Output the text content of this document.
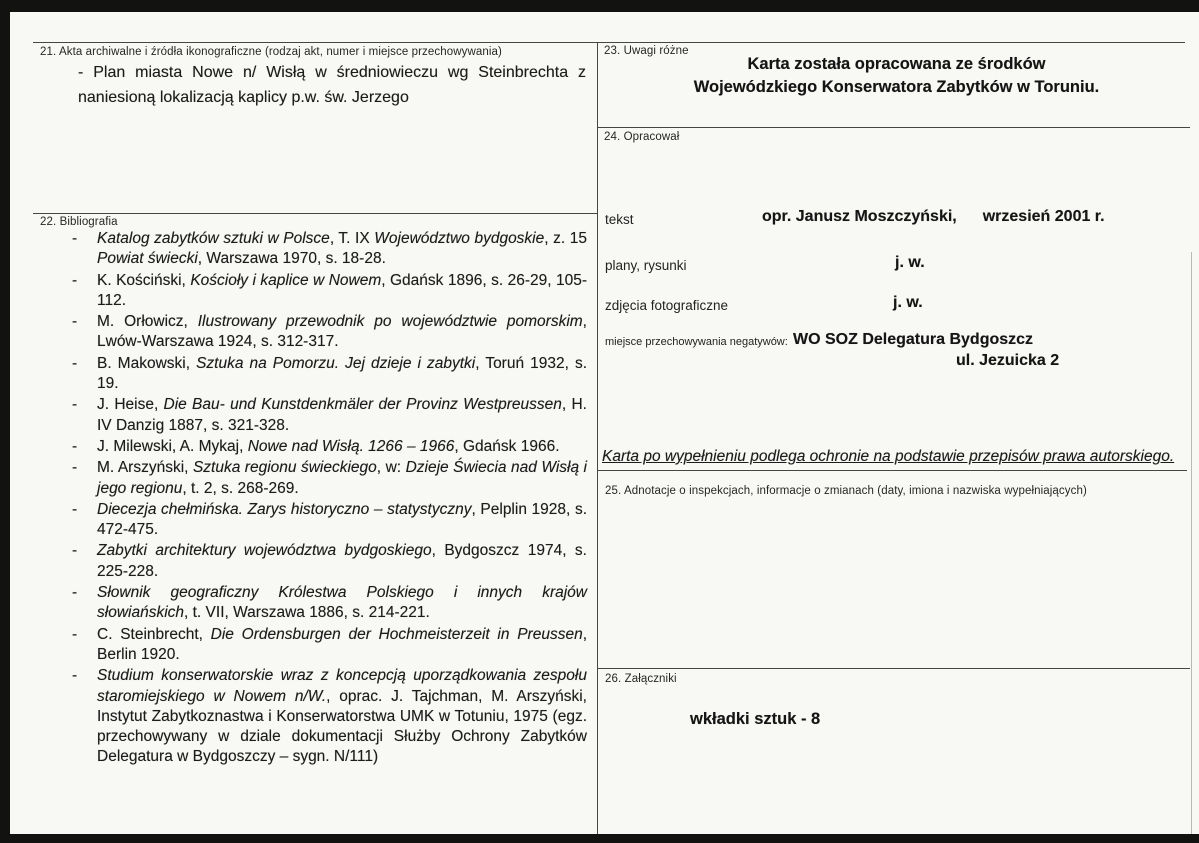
21. Akta archiwalne i źródła ikonograficzne (rodzaj akt, numer i miejsce przechowywania)
- Plan miasta Nowe n/ Wisłą w średniowieczu wg Steinbrechta z naniesioną lokalizacją kaplicy p.w. św. Jerzego
22. Bibliografia
- Katalog zabytków sztuki w Polsce, T. IX Województwo bydgoskie, z. 15 Powiat świecki, Warszawa 1970, s. 18-28.
- K. Kościński, Kościoły i kaplice w Nowem, Gdańsk 1896, s. 26-29, 105-112.
- M. Orłowicz, Ilustrowany przewodnik po województwie pomorskim, Lwów-Warszawa 1924, s. 312-317.
- B. Makowski, Sztuka na Pomorzu. Jej dzieje i zabytki, Toruń 1932, s. 19.
- J. Heise, Die Bau- und Kunstdenkmäler der Provinz Westpreussen, H. IV Danzig 1887, s. 321-328.
- J. Milewski, A. Mykaj, Nowe nad Wisłą. 1266 – 1966, Gdańsk 1966.
- M. Arszyński, Sztuka regionu świeckiego, w: Dzieje Świecia nad Wisłą i jego regionu, t. 2, s. 268-269.
- Diecezja chełmińska. Zarys historyczno – statystyczny, Pelplin 1928, s. 472-475.
- Zabytki architektury województwa bydgoskiego, Bydgoszcz 1974, s. 225-228.
- Słownik geograficzny Królestwa Polskiego i innych krajów słowiańskich, t. VII, Warszawa 1886, s. 214-221.
- C. Steinbrecht, Die Ordensburgen der Hochmeisterzeit in Preussen, Berlin 1920.
- Studium konserwatorskie wraz z koncepcją uporządkowania zespołu staromiejskiego w Nowem n/W., oprac. J. Tajchman, M. Arszyński, Instytut Zabytkoznastwa i Konserwatorstwa UMK w Totuniu, 1975 (egz. przechowywany w dziale dokumentacji Służby Ochrony Zabytków Delegatura w Bydgoszczy – sygn. N/111)
23. Uwagi różne
Karta została opracowana ze środków
Wojewódzkiego Konserwatora Zabytków w Toruniu.
24. Opracował
tekst	opr. Janusz Moszczyński, wrzesień 2001 r.
plany, rysunki	j. w.
zdjęcia fotograficzne	j. w.
miejsce przechowywania negatywów: WO SOZ Delegatura Bydgoszcz
ul. Jezuicka 2
Karta po wypełnieniu podlega ochronie na podstawie przepisów prawa autorskiego.
25. Adnotacje o inspekcjach, informacje o zmianach (daty, imiona i nazwiska wypełniających)
26. Załączniki
wkładki sztuk - 8
